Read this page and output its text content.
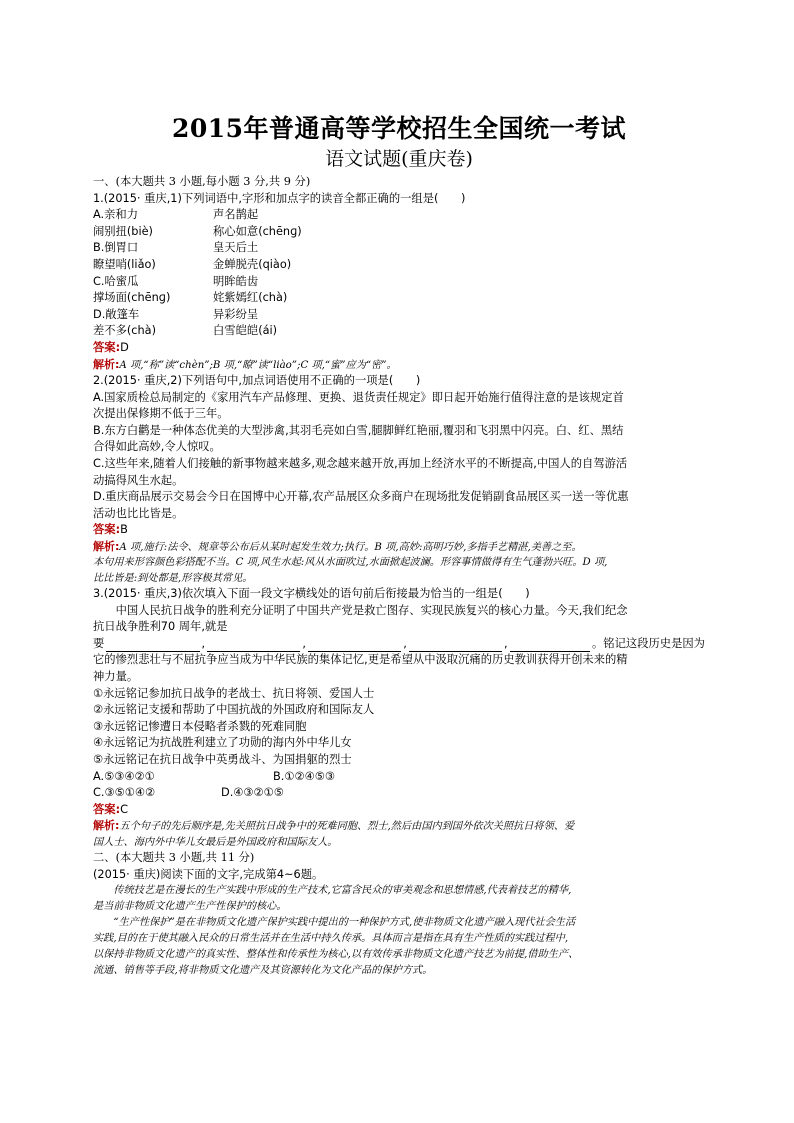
2015年普通高等学校招生全国统一考试
语文试题(重庆卷)
一、(本大题共 3 小题,每小题 3 分,共 9 分)
1.(2015· 重庆,1)下列词语中,字形和加点字的读音全都正确的一组是(　　)
A.亲和力	声名鹊起
闹别扭(biè)	称心如意(chēnɡ)
B.倒胃口	皇天后土
瞭望哨(liǎo)	金蝉脱壳(qiào)
C.哈蜜瓜	明眸皓齿
撑场面(chēnɡ)	姹紫嫣红(chà)
D.敞篷车	异彩纷呈
差不多(chà)	白雪皑皑(ái)
答案:D
解析:A 项,“称”读“chèn”;B 项,“瞭”读“liào”;C 项,“蜜”应为“密”。
2.(2015· 重庆,2)下列语句中,加点词语使用不正确的一项是(　　)
A.国家质检总局制定的《家用汽车产品修理、更换、退货责任规定》即日起开始施行值得注意的是该规定首
次提出保修期不低于三年。
B.东方白鹳是一种体态优美的大型涉禽,其羽毛亮如白雪,腿脚鲜红艳丽,覆羽和飞羽黑中闪亮。白、红、黑结
合得如此高妙,令人惊叹。
C.这些年来,随着人们接触的新事物越来越多,观念越来越开放,再加上经济水平的不断提高,中国人的自驾游活
动搞得风生水起。
D.重庆商品展示交易会今日在国博中心开幕,农产品展区众多商户在现场批发促销副食品展区买一送一等优惠
活动也比比皆是。
答案:B
解析:A 项,施行:法令、规章等公布后从某时起发生效力;执行。B 项,高妙:高明巧妙,多指手艺精湛,美善之至。
本句用来形容颜色彩搭配不当。C 项,风生水起:风从水面吹过,水面掀起波澜。形容事情做得有生气蓬勃兴旺。D 项,
比比皆是:到处都是,形容极其常见。
3.(2015· 重庆,3)依次填入下面一段文字横线处的语句前后衔接最为恰当的一组是(　　)
中国人民抗日战争的胜利充分证明了中国共产党是救亡图存、实现民族复兴的核心力量。今天,我们纪念
抗日战争胜利70 周年,就是
要	,	,	,	,	。铭记这段历史是因为
它的惨烈悲壮与不屈抗争应当成为中华民族的集体记忆,更是希望从中汲取沉痛的历史教训获得开创未来的精
神力量。
①永远铭记参加抗日战争的老战士、抗日将领、爱国人士
②永远铭记支援和帮助了中国抗战的外国政府和国际友人
③永远铭记惨遭日本侵略者杀戮的死难同胞
④永远铭记为抗战胜利建立了功勋的海内外中华儿女
⑤永远铭记在抗日战争中英勇战斗、为国捐躯的烈士
A.⑤③④②①	B.①②④⑤③
C.③⑤①④②	D.④③②①⑤
答案:C
解析:五个句子的先后顺序是,先关照抗日战争中的死难同胞、烈士,然后由国内到国外依次关照抗日将领、爱
国人士、海内外中华儿女最后是外国政府和国际友人。
二、(本大题共 3 小题,共 11 分)
(2015· 重庆)阅读下面的文字,完成第4~6题。
传统技艺是在漫长的生产实践中形成的生产技术,它富含民众的审美观念和思想情感,代表着技艺的精华,
是当前非物质文化遗产生产性保护的核心。
“生产性保护”是在非物质文化遗产保护实践中提出的一种保护方式,使非物质文化遗产融入现代社会生活
实践,目的在于使其融入民众的日常生活并在生活中持久传承。具体而言是指在具有生产性质的实践过程中,
以保持非物质文化遗产的真实性、整体性和传承性为核心,以有效传承非物质文化遗产技艺为前提,借助生产、
流通、销售等手段,将非物质文化遗产及其资源转化为文化产品的保护方式。
